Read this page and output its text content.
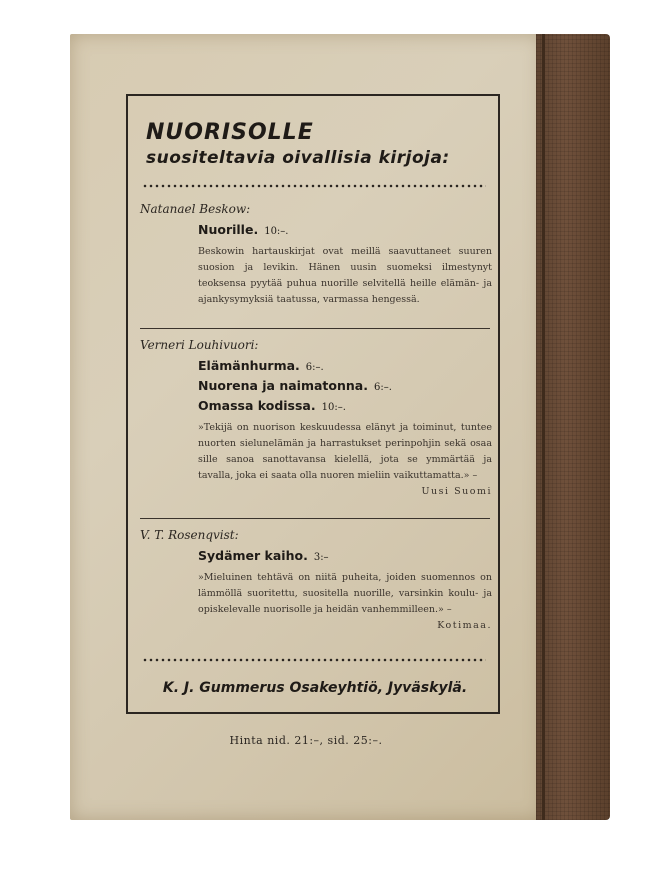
NUORISOLLE
suositeltavia oivallisia kirjoja:
Natanael Beskow:
Nuorille. 10:–.
Beskowin hartauskirjat ovat meillä saavuttaneet suuren suosion ja levikin. Hänen uusin suomeksi ilmestynyt teoksensa pyytää puhua nuorille selvitellä heille elämän- ja ajankysymyksiä taatussa, varmassa hengessä.
Verneri Louhivuori:
Elämänhurma. 6:–.
Nuorena ja naimatonna. 6:–.
Omassa kodissa. 10:–.
»Tekijä on nuorison keskuudessa elänyt ja toiminut, tuntee nuorten sielunelämän ja harrastukset perinpohjin sekä osaa sille sanoa sanottavansa kielellä, jota se ymmärtää ja tavalla, joka ei saata olla nuoren mieliin vaikuttamatta.» –
Uusi Suomi
V. T. Rosenqvist:
Sydämer kaiho. 3:–
»Mieluinen tehtävä on niitä puheita, joiden suomennos on lämmöllä suoritettu, suositella nuorille, varsinkin koulu- ja opiskelevalle nuorisolle ja heidän vanhemmilleen.» –
Kotimaa.
K. J. Gummerus Osakeyhtiö, Jyväskylä.
Hinta nid. 21:–, sid. 25:–.
